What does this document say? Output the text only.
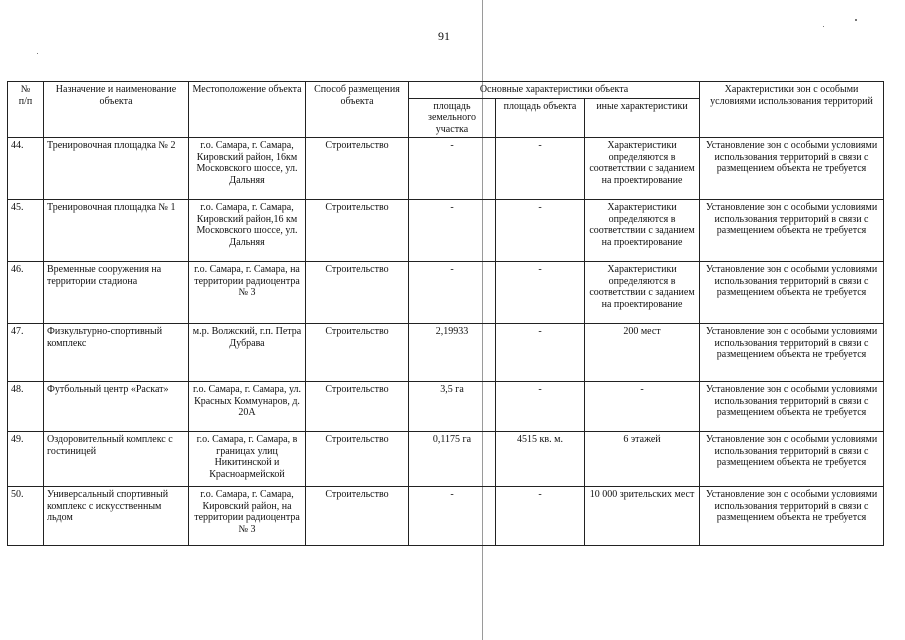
91
№
п/п	Назначение и наименование объекта	Местоположение объекта	Способ размещения объекта	Основные характеристики объекта			Характеристики зон с особыми условиями использования территорий
				площадь земельного участка	площадь объекта	иные характеристики	
44.	Тренировочная площадка № 2	г.о. Самара, г. Самара, Кировский район, 16км Московского шоссе, ул. Дальняя	Строительство	-	-	Характеристики определяются в соответствии с заданием на проектирование	Установление зон с особыми условиями использования территорий в связи с размещением объекта не требуется
45.	Тренировочная площадка № 1	г.о. Самара, г. Самара, Кировский район,16 км Московского шоссе, ул. Дальняя	Строительство	-	-	Характеристики определяются в соответствии с заданием на проектирование	Установление зон с особыми условиями использования территорий в связи с размещением объекта не требуется
46.	Временные сооружения на территории стадиона	г.о. Самара, г. Самара, на территории радиоцентра № 3	Строительство	-	-	Характеристики определяются в соответствии с заданием на проектирование	Установление зон с особыми условиями использования территорий в связи с размещением объекта не требуется
47.	Физкультурно-спортивный комплекс	м.р. Волжский, г.п. Петра Дубрава	Строительство	2,19933	-	200 мест	Установление зон с особыми условиями использования территорий в связи с размещением объекта не требуется
48.	Футбольный центр «Раскат»	г.о. Самара, г. Самара, ул. Красных Коммунаров, д. 20А	Строительство	3,5 га	-	-	Установление зон с особыми условиями использования территорий в связи с размещением объекта не требуется
49.	Оздоровительный комплекс с гостиницей	г.о. Самара, г. Самара, в границах улиц Никитинской и Красноармейской	Строительство	0,1175 га	4515 кв. м.	6 этажей	Установление зон с особыми условиями использования территорий в связи с размещением объекта не требуется
50.	Универсальный спортивный комплекс с искусственным льдом	г.о. Самара, г. Самара, Кировский район, на территории радиоцентра № 3	Строительство	-	-	10 000 зрительских мест	Установление зон с особыми условиями использования территорий в связи с размещением объекта не требуется
